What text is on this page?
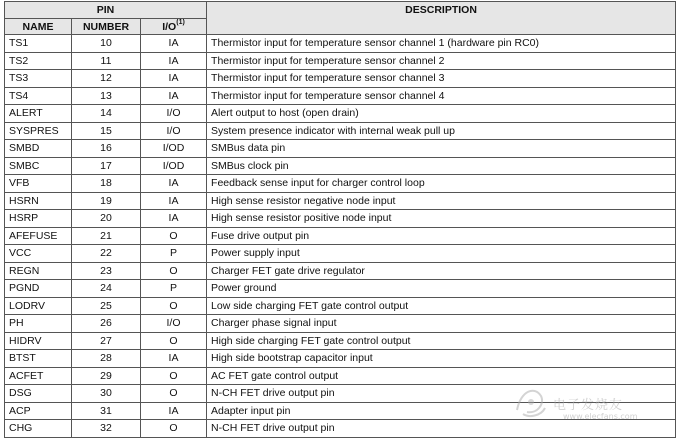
PIN			DESCRIPTION
NAME	NUMBER	$I/O^{(1)}$
TS1	10	IA	Thermistor input for temperature sensor channel 1 (hardware pin RC0)
TS2	11	IA	Thermistor input for temperature sensor channel 2
TS3	12	IA	Thermistor input for temperature sensor channel 3
TS4	13	IA	Thermistor input for temperature sensor channel 4
ALERT	14	I/O	Alert output to host (open drain)
SYSPRES	15	I/O	System presence indicator with internal weak pull up
SMBD	16	I/OD	SMBus data pin
SMBC	17	I/OD	SMBus clock pin
VFB	18	IA	Feedback sense input for charger control loop
HSRN	19	IA	High sense resistor negative node input
HSRP	20	IA	High sense resistor positive node input
AFEFUSE	21	O	Fuse drive output pin
VCC	22	P	Power supply input
REGN	23	O	Charger FET gate drive regulator
PGND	24	P	Power ground
LODRV	25	O	Low side charging FET gate control output
PH	26	I/O	Charger phase signal input
HIDRV	27	O	High side charging FET gate control output
BTST	28	IA	High side bootstrap capacitor input
ACFET	29	O	AC FET gate control output
DSG	30	O	N-CH FET drive output pin
ACP	31	IA	Adapter input pin
CHG	32	O	N-CH FET drive output pin
电子发烧友
www.elecfans.com
